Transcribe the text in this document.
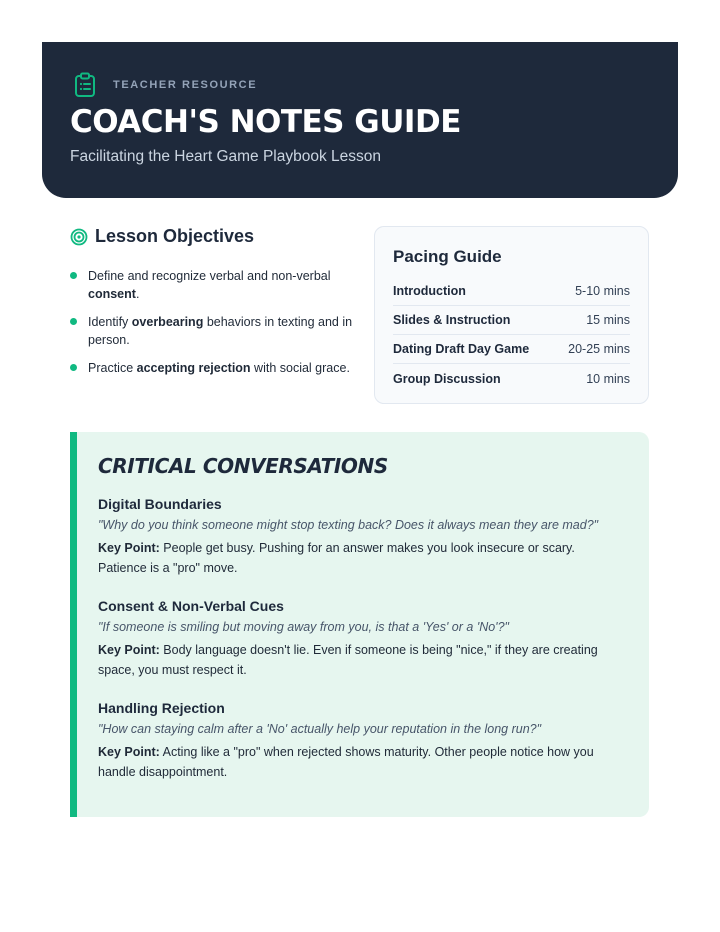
TEACHER RESOURCE
COACH'S NOTES GUIDE
Facilitating the Heart Game Playbook Lesson
Lesson Objectives
Define and recognize verbal and non-verbal consent.
Identify overbearing behaviors in texting and in person.
Practice accepting rejection with social grace.
Pacing Guide
Introduction	5-10 mins
Slides & Instruction	15 mins
Dating Draft Day Game	20-25 mins
Group Discussion	10 mins
CRITICAL CONVERSATIONS
Digital Boundaries
"Why do you think someone might stop texting back? Does it always mean they are mad?"
Key Point: People get busy. Pushing for an answer makes you look insecure or scary. Patience is a "pro" move.
Consent & Non-Verbal Cues
"If someone is smiling but moving away from you, is that a 'Yes' or a 'No'?"
Key Point: Body language doesn't lie. Even if someone is being "nice," if they are creating space, you must respect it.
Handling Rejection
"How can staying calm after a 'No' actually help your reputation in the long run?"
Key Point: Acting like a "pro" when rejected shows maturity. Other people notice how you handle disappointment.
